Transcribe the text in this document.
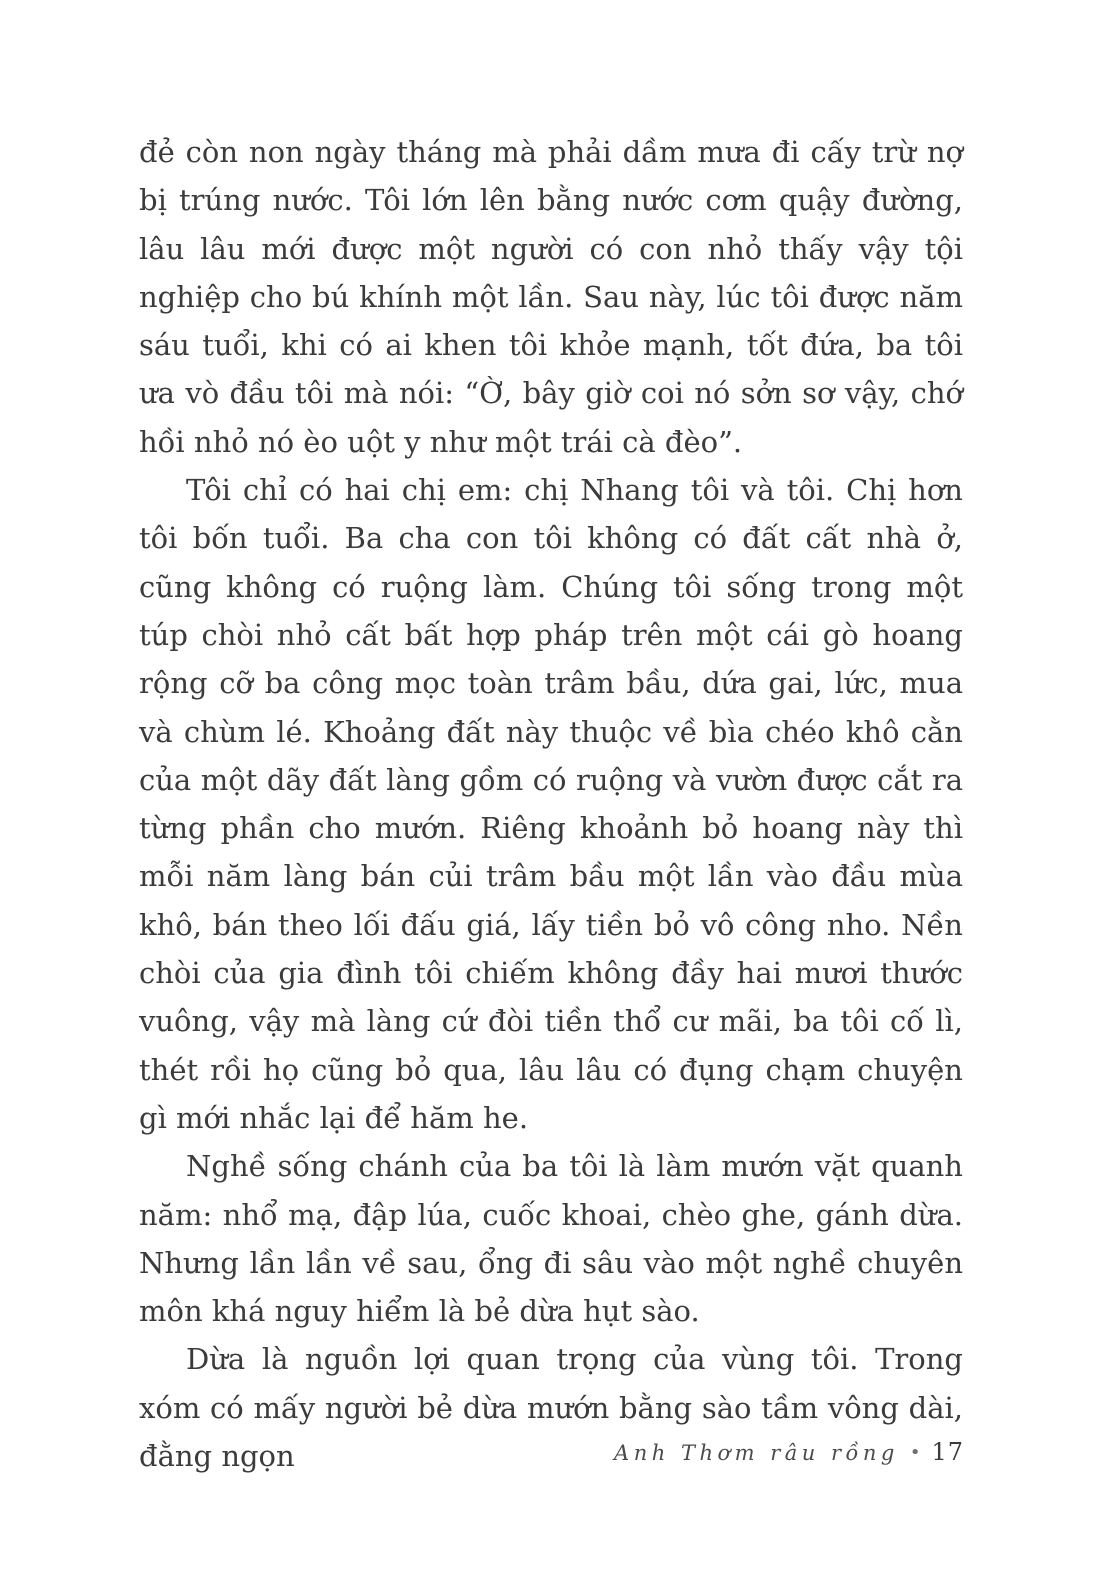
đẻ còn non ngày tháng mà phải dầm mưa đi cấy trừ nợ bị trúng nước. Tôi lớn lên bằng nước cơm quậy đường, lâu lâu mới được một người có con nhỏ thấy vậy tội nghiệp cho bú khính một lần. Sau này, lúc tôi được năm sáu tuổi, khi có ai khen tôi khỏe mạnh, tốt đứa, ba tôi ưa vò đầu tôi mà nói: “Ờ, bây giờ coi nó sởn sơ vậy, chớ hồi nhỏ nó èo uột y như một trái cà đèo”.

Tôi chỉ có hai chị em: chị Nhang tôi và tôi. Chị hơn tôi bốn tuổi. Ba cha con tôi không có đất cất nhà ở, cũng không có ruộng làm. Chúng tôi sống trong một túp chòi nhỏ cất bất hợp pháp trên một cái gò hoang rộng cỡ ba công mọc toàn trâm bầu, dứa gai, lức, mua và chùm lé. Khoảng đất này thuộc về bìa chéo khô cằn của một dãy đất làng gồm có ruộng và vườn được cắt ra từng phần cho mướn. Riêng khoảnh bỏ hoang này thì mỗi năm làng bán củi trâm bầu một lần vào đầu mùa khô, bán theo lối đấu giá, lấy tiền bỏ vô công nho. Nền chòi của gia đình tôi chiếm không đầy hai mươi thước vuông, vậy mà làng cứ đòi tiền thổ cư mãi, ba tôi cố lì, thét rồi họ cũng bỏ qua, lâu lâu có đụng chạm chuyện gì mới nhắc lại để hăm he.

Nghề sống chánh của ba tôi là làm mướn vặt quanh năm: nhổ mạ, đập lúa, cuốc khoai, chèo ghe, gánh dừa. Nhưng lần lần về sau, ổng đi sâu vào một nghề chuyên môn khá nguy hiểm là bẻ dừa hụt sào.

Dừa là nguồn lợi quan trọng của vùng tôi. Trong xóm có mấy người bẻ dừa mướn bằng sào tầm vông dài, đằng ngọn	Anh Thơm râu rồng • 17
